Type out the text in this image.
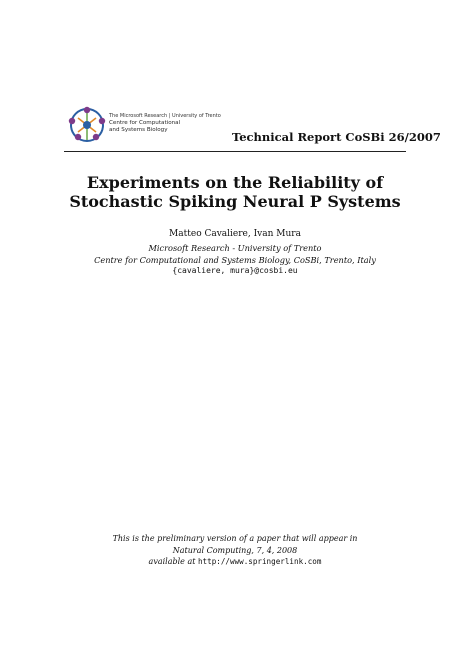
The Microsoft Research | University of Trento
Centre for Computational
and Systems Biology	Technical Report CoSBi 26/2007
Experiments on the Reliability of
Stochastic Spiking Neural P Systems
Matteo Cavaliere, Ivan Mura
Microsoft Research - University of Trento
Centre for Computational and Systems Biology, CoSBi, Trento, Italy
{cavaliere, mura}@cosbi.eu
This is the preliminary version of a paper that will appear in
Natural Computing, 7, 4, 2008
available at http://www.springerlink.com
